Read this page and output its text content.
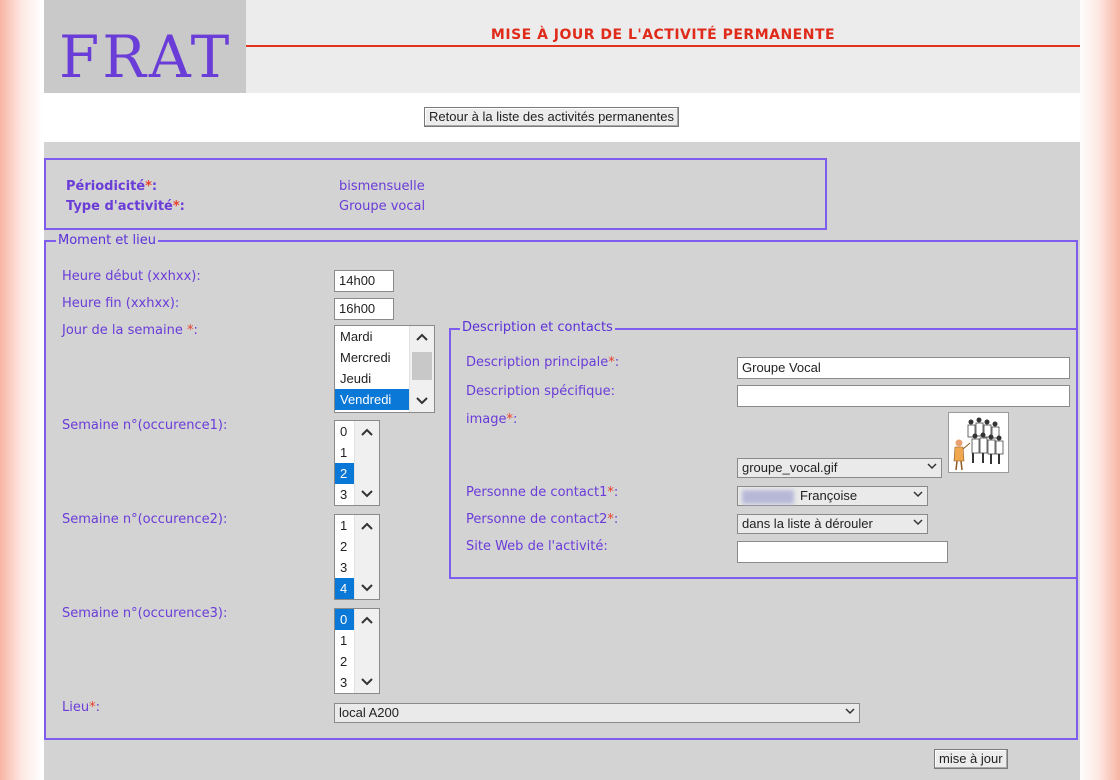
FRAT	MISE À JOUR DE L'ACTIVITÉ PERMANENTE
Retour à la liste des activités permanentes
Périodicité*:	bismensuelle
Type d'activité*:	Groupe vocal
Moment et lieu
Heure début (xxhxx):	14h00
Heure fin (xxhxx):	16h00
Jour de la semaine *:	Mardi
Mercredi
Jeudi
Vendredi
Semaine n°(occurence1):	0
1
2
3
Semaine n°(occurence2):	1
2
3
4
Semaine n°(occurence3):	0
1
2
3
Lieu*:	local A200
Description et contacts
Description principale*:	Groupe Vocal
Description spécifique:
image*:
groupe_vocal.gif
Personne de contact1*:	Françoise
Personne de contact2*:	dans la liste à dérouler
Site Web de l'activité:
mise à jour
